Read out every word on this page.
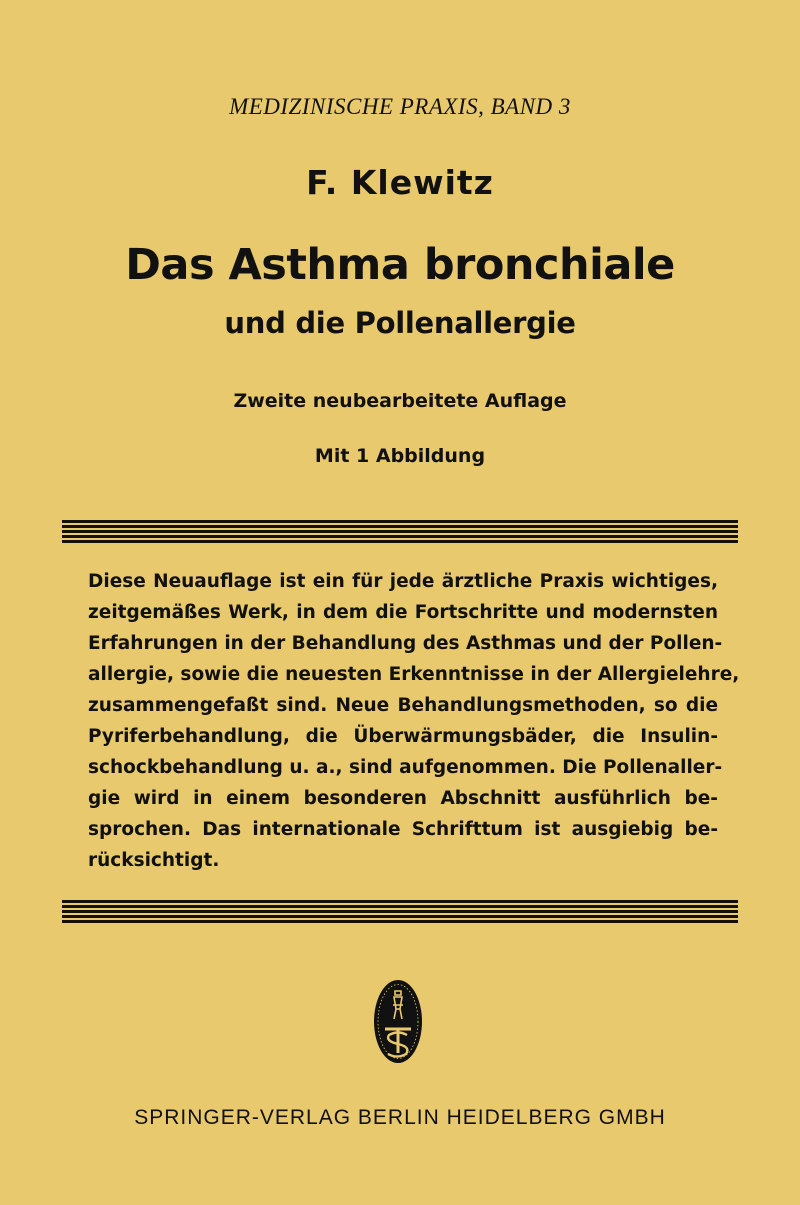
MEDIZINISCHE PRAXIS, BAND 3
F. Klewitz
Das Asthma bronchiale
und die Pollenallergie
Zweite neubearbeitete Auflage
Mit 1 Abbildung
Diese Neuauflage ist ein für jede ärztliche Praxis wichtiges,
zeitgemäßes Werk, in dem die Fortschritte und modernsten
Erfahrungen in der Behandlung des Asthmas und der Pollen-
allergie, sowie die neuesten Erkenntnisse in der Allergielehre,
zusammengefaßt sind. Neue Behandlungsmethoden, so die
Pyriferbehandlung, die Überwärmungsbäder, die Insulin-
schockbehandlung u. a., sind aufgenommen. Die Pollenaller-
gie wird in einem besonderen Abschnitt ausführlich be-
sprochen. Das internationale Schrifttum ist ausgiebig be-
rücksichtigt.
SPRINGER-VERLAG BERLIN HEIDELBERG GMBH
